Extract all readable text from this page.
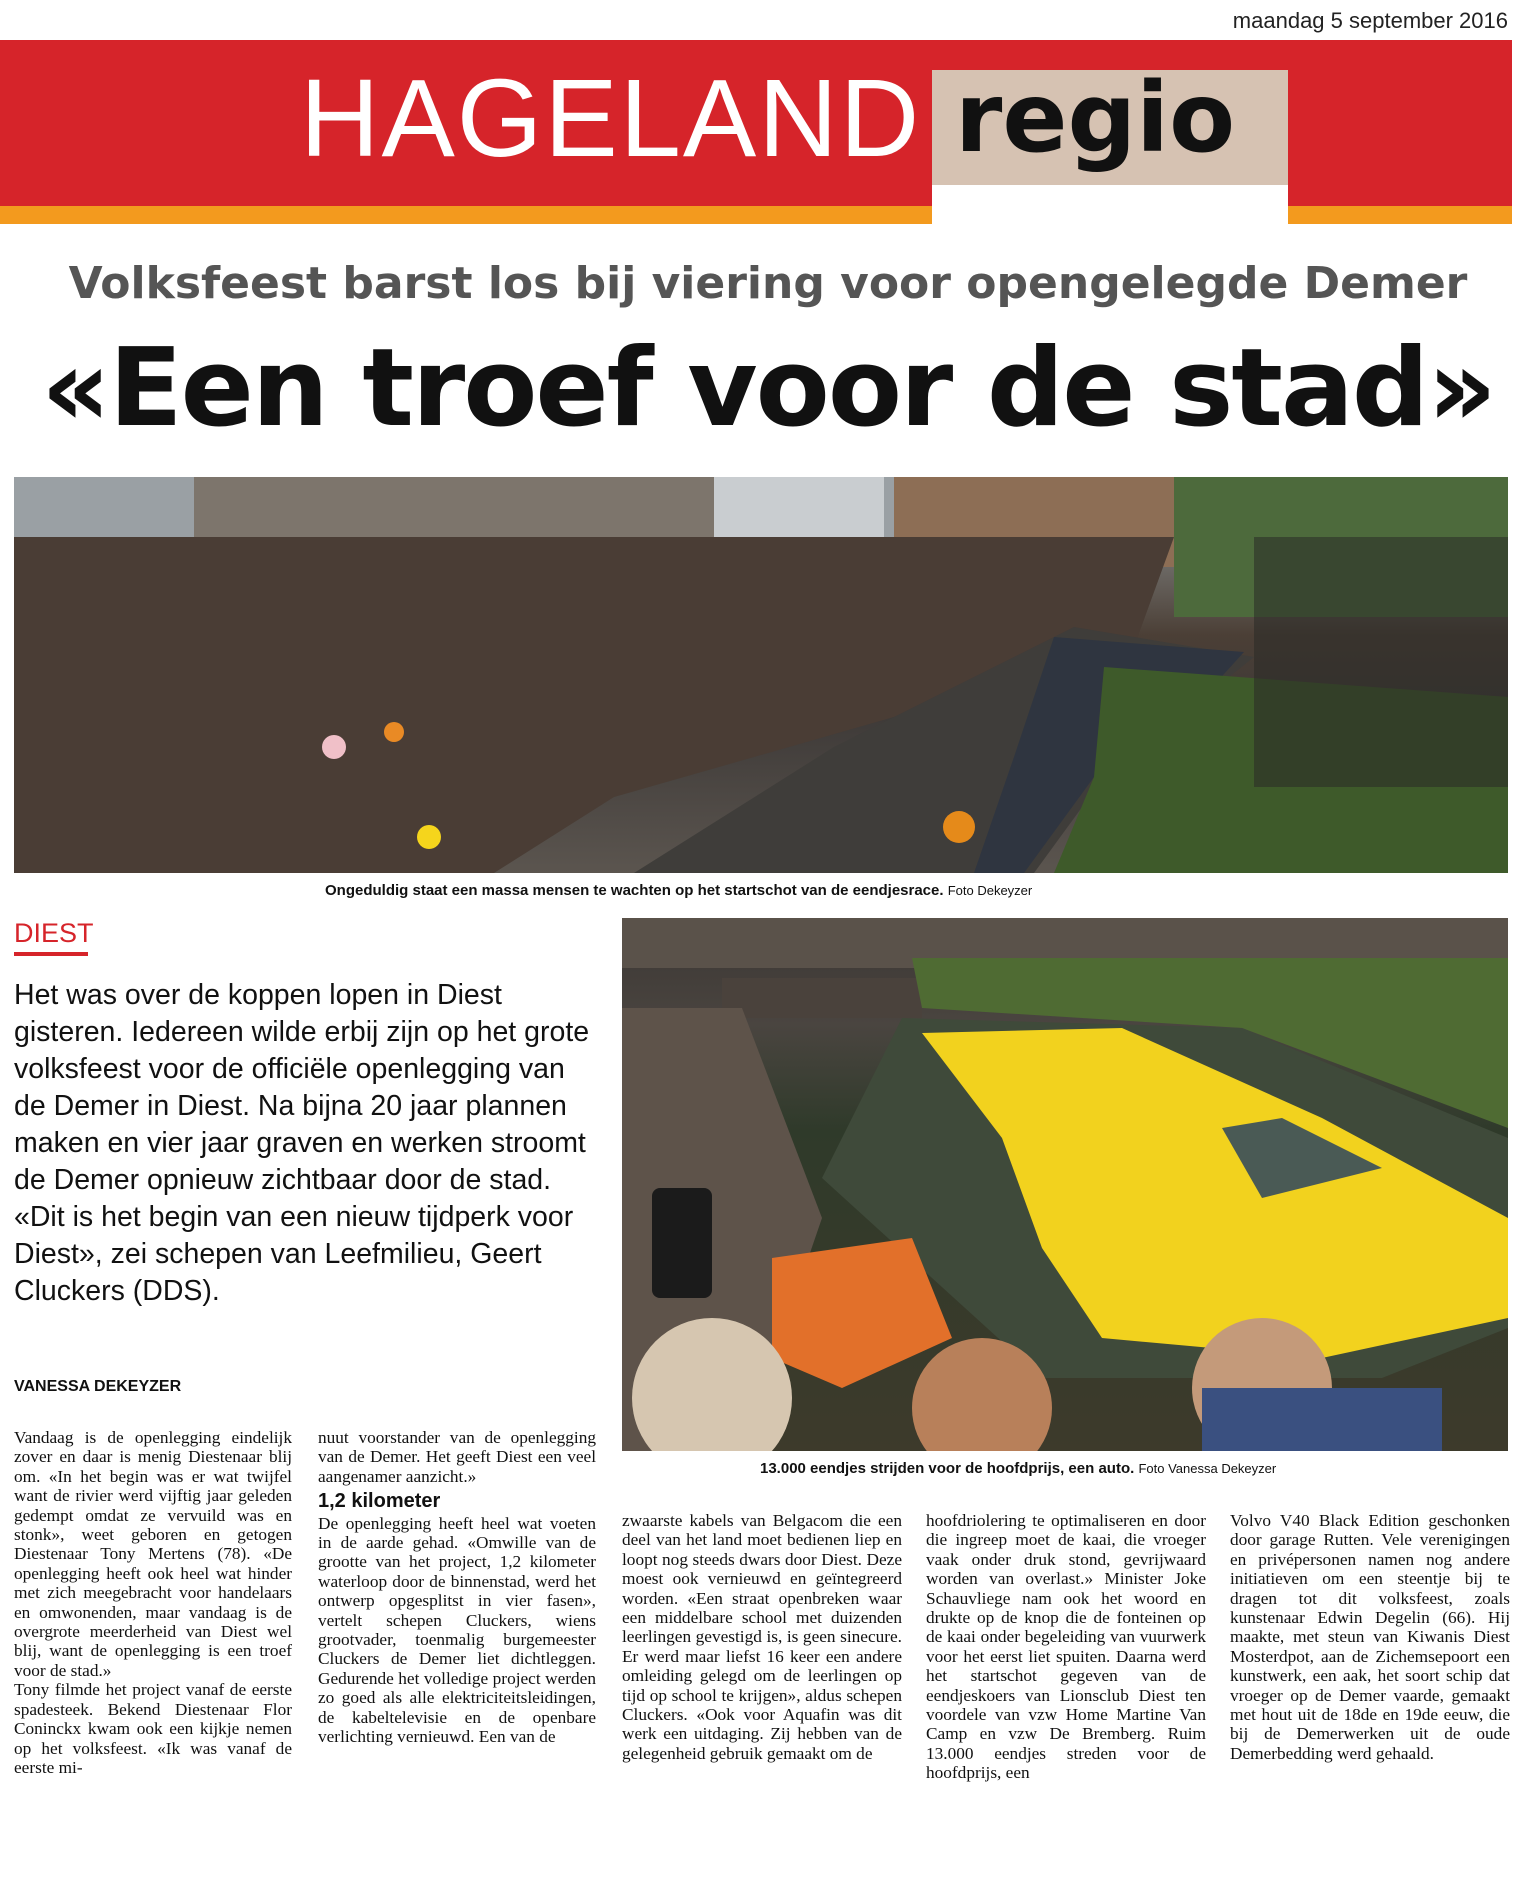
maandag 5 september 2016
HAGELAND regio
Volksfeest barst los bij viering voor opengelegde Demer
«Een troef voor de stad»
Ongeduldig staat een massa mensen te wachten op het startschot van de eendjesrace. Foto Dekeyzer
DIEST
Het was over de koppen lopen in Diest gisteren. Iedereen wilde erbij zijn op het grote volksfeest voor de officiële openlegging van de Demer in Diest. Na bijna 20 jaar plannen maken en vier jaar graven en werken stroomt de Demer opnieuw zichtbaar door de stad. «Dit is het begin van een nieuw tijdperk voor Diest», zei schepen van Leefmilieu, Geert Cluckers (DDS).
VANESSA DEKEYZER
13.000 eendjes strijden voor de hoofdprijs, een auto. Foto Vanessa Dekeyzer

Vandaag is de openlegging eindelijk zover en daar is menig Diestenaar blij om. «In het begin was er wat twijfel want de rivier werd vijftig jaar geleden gedempt omdat ze vervuild was en stonk», weet geboren en getogen Diestenaar Tony Mertens (78). «De openlegging heeft ook heel wat hinder met zich meegebracht voor handelaars en omwonenden, maar vandaag is de overgrote meerderheid van Diest wel blij, want de openlegging is een troef voor de stad.»

Tony filmde het project vanaf de eerste spadesteek. Bekend Diestenaar Flor Coninckx kwam ook een kijkje nemen op het volksfeest. «Ik was vanaf de eerste mi-

nuut voorstander van de openlegging van de Demer. Het geeft Diest een veel aangenamer aanzicht.»

1,2 kilometer

De openlegging heeft heel wat voeten in de aarde gehad. «Omwille van de grootte van het project, 1,2 kilometer waterloop door de binnenstad, werd het ontwerp opgesplitst in vier fasen», vertelt schepen Cluckers, wiens grootvader, toenmalig burgemeester Cluckers de Demer liet dichtleggen. Gedurende het volledige project werden zo goed als alle elektriciteitsleidingen, de kabeltelevisie en de openbare verlichting vernieuwd. Een van de

zwaarste kabels van Belgacom die een deel van het land moet bedienen liep en loopt nog steeds dwars door Diest. Deze moest ook vernieuwd en geïntegreerd worden. «Een straat openbreken waar een middelbare school met duizenden leerlingen gevestigd is, is geen sinecure. Er werd maar liefst 16 keer een andere omleiding gelegd om de leerlingen op tijd op school te krijgen», aldus schepen Cluckers. «Ook voor Aquafin was dit werk een uitdaging. Zij hebben van de gelegenheid gebruik gemaakt om de

hoofdriolering te optimaliseren en door die ingreep moet de kaai, die vroeger vaak onder druk stond, gevrijwaard worden van overlast.» Minister Joke Schauvliege nam ook het woord en drukte op de knop die de fonteinen op de kaai onder begeleiding van vuurwerk voor het eerst liet spuiten. Daarna werd het startschot gegeven van de eendjeskoers van Lionsclub Diest ten voordele van vzw Home Martine Van Camp en vzw De Bremberg. Ruim 13.000 eendjes streden voor de hoofdprijs, een

Volvo V40 Black Edition geschonken door garage Rutten. Vele verenigingen en privépersonen namen nog andere initiatieven om een steentje bij te dragen tot dit volksfeest, zoals kunstenaar Edwin Degelin (66). Hij maakte, met steun van Kiwanis Diest Mosterdpot, aan de Zichemsepoort een kunstwerk, een aak, het soort schip dat vroeger op de Demer vaarde, gemaakt met hout uit de 18de en 19de eeuw, die bij de Demerwerken uit de oude Demerbedding werd gehaald.
